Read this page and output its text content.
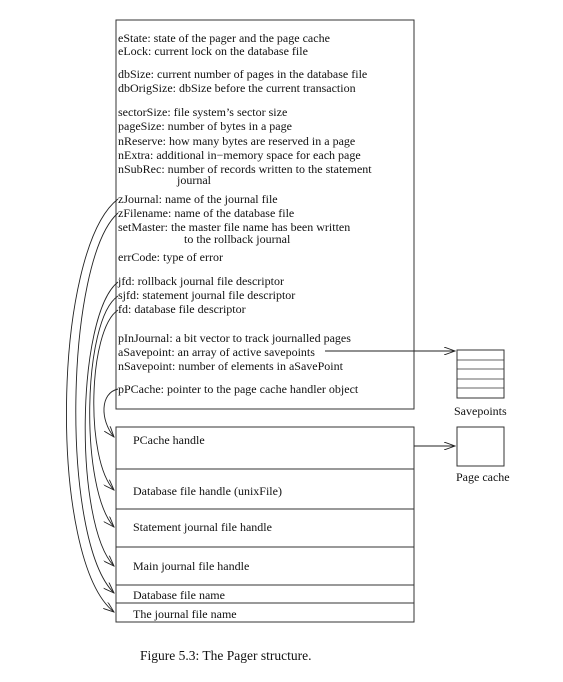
eState: state of the pager and the page cache
eLock: current lock on the database file
dbSize: current number of pages in the database file
dbOrigSize: dbSize before the current transaction
sectorSize: file system’s sector size
pageSize: number of bytes in a page
nReserve: how many bytes are reserved in a page
nExtra: additional in−memory space for each page
nSubRec: number of records written to the statement
journal
zJournal: name of the journal file
zFilename: name of the database file
setMaster: the master file name has been written
to the rollback journal
errCode: type of error
jfd: rollback journal file descriptor
sjfd: statement journal file descriptor
fd: database file descriptor
pInJournal: a bit vector to track journalled pages
aSavepoint: an array of active savepoints
nSavepoint: number of elements in aSavePoint
pPCache: pointer to the page cache handler object
PCache handle
Database file handle (unixFile)
Statement journal file handle
Main journal file handle
Database file name
The journal file name
Savepoints
Page cache
Figure 5.3: The Pager structure.
